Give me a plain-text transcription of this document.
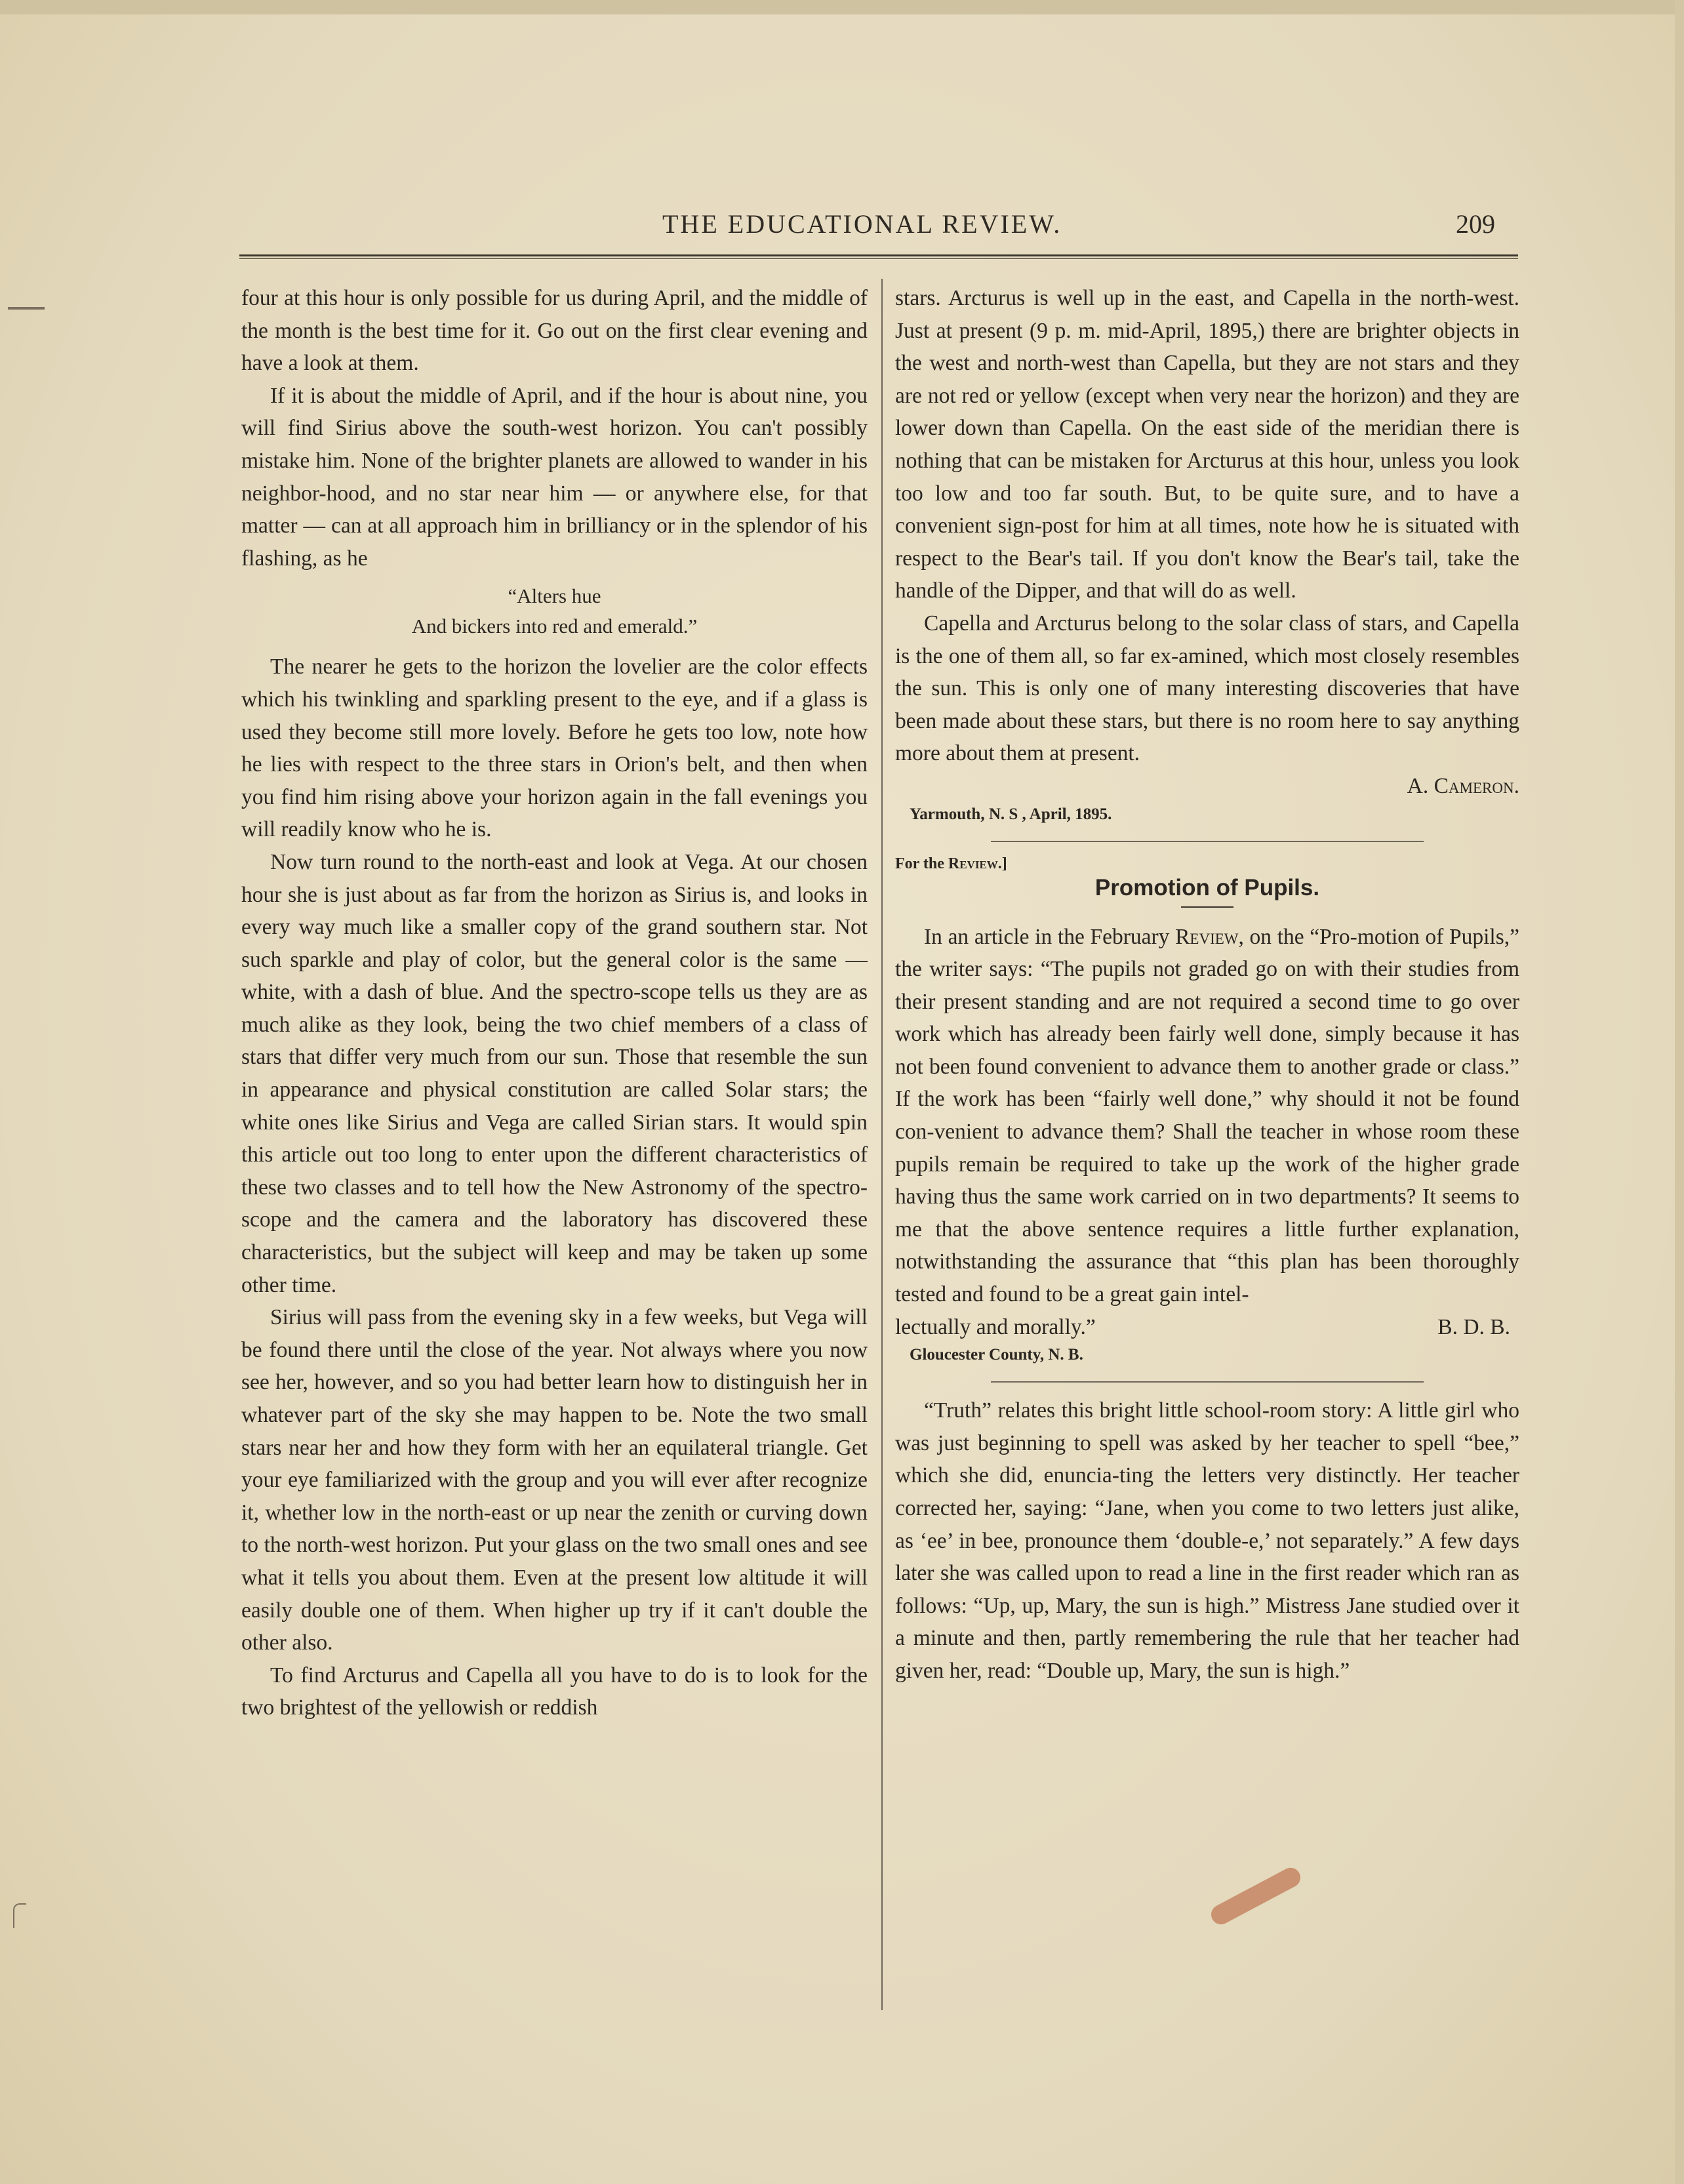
THE EDUCATIONAL REVIEW.	209

four at this hour is only possible for us during April, and the middle of the month is the best time for it. Go out on the first clear evening and have a look at them.

If it is about the middle of April, and if the hour is about nine, you will find Sirius above the south-west horizon. You can't possibly mistake him. None of the brighter planets are allowed to wander in his neighbor-hood, and no star near him — or anywhere else, for that matter — can at all approach him in brilliancy or in the splendor of his flashing, as he

“Alters hue
And bickers into red and emerald.”

The nearer he gets to the horizon the lovelier are the color effects which his twinkling and sparkling present to the eye, and if a glass is used they become still more lovely. Before he gets too low, note how he lies with respect to the three stars in Orion's belt, and then when you find him rising above your horizon again in the fall evenings you will readily know who he is.

Now turn round to the north-east and look at Vega. At our chosen hour she is just about as far from the horizon as Sirius is, and looks in every way much like a smaller copy of the grand southern star. Not such sparkle and play of color, but the general color is the same — white, with a dash of blue. And the spectro-scope tells us they are as much alike as they look, being the two chief members of a class of stars that differ very much from our sun. Those that resemble the sun in appearance and physical constitution are called Solar stars; the white ones like Sirius and Vega are called Sirian stars. It would spin this article out too long to enter upon the different characteristics of these two classes and to tell how the New Astronomy of the spectro-scope and the camera and the laboratory has discovered these characteristics, but the subject will keep and may be taken up some other time.

Sirius will pass from the evening sky in a few weeks, but Vega will be found there until the close of the year. Not always where you now see her, however, and so you had better learn how to distinguish her in whatever part of the sky she may happen to be. Note the two small stars near her and how they form with her an equilateral triangle. Get your eye familiarized with the group and you will ever after recognize it, whether low in the north-east or up near the zenith or curving down to the north-west horizon. Put your glass on the two small ones and see what it tells you about them. Even at the present low altitude it will easily double one of them. When higher up try if it can't double the other also.

To find Arcturus and Capella all you have to do is to look for the two brightest of the yellowish or reddish

stars. Arcturus is well up in the east, and Capella in the north-west. Just at present (9 p. m. mid-April, 1895,) there are brighter objects in the west and north-west than Capella, but they are not stars and they are not red or yellow (except when very near the horizon) and they are lower down than Capella. On the east side of the meridian there is nothing that can be mistaken for Arcturus at this hour, unless you look too low and too far south. But, to be quite sure, and to have a convenient sign-post for him at all times, note how he is situated with respect to the Bear's tail. If you don't know the Bear's tail, take the handle of the Dipper, and that will do as well.

Capella and Arcturus belong to the solar class of stars, and Capella is the one of them all, so far ex-amined, which most closely resembles the sun. This is only one of many interesting discoveries that have been made about these stars, but there is no room here to say anything more about them at present.

A. Cameron.
Yarmouth, N. S , April, 1895.
For the Review.]
Promotion of Pupils.

In an article in the February Review, on the “Pro-motion of Pupils,” the writer says: “The pupils not graded go on with their studies from their present standing and are not required a second time to go over work which has already been fairly well done, simply because it has not been found convenient to advance them to another grade or class.” If the work has been “fairly well done,” why should it not be found con-venient to advance them? Shall the teacher in whose room these pupils remain be required to take up the work of the higher grade having thus the same work carried on in two departments? It seems to me that the above sentence requires a little further explanation, notwithstanding the assurance that “this plan has been thoroughly tested and found to be a great gain intel-

lectually and morally.”	B. D. B.
Gloucester County, N. B.

“Truth” relates this bright little school-room story: A little girl who was just beginning to spell was asked by her teacher to spell “bee,” which she did, enuncia-ting the letters very distinctly. Her teacher corrected her, saying: “Jane, when you come to two letters just alike, as ‘ee’ in bee, pronounce them ‘double-e,’ not separately.” A few days later she was called upon to read a line in the first reader which ran as follows: “Up, up, Mary, the sun is high.” Mistress Jane studied over it a minute and then, partly remembering the rule that her teacher had given her, read: “Double up, Mary, the sun is high.”
